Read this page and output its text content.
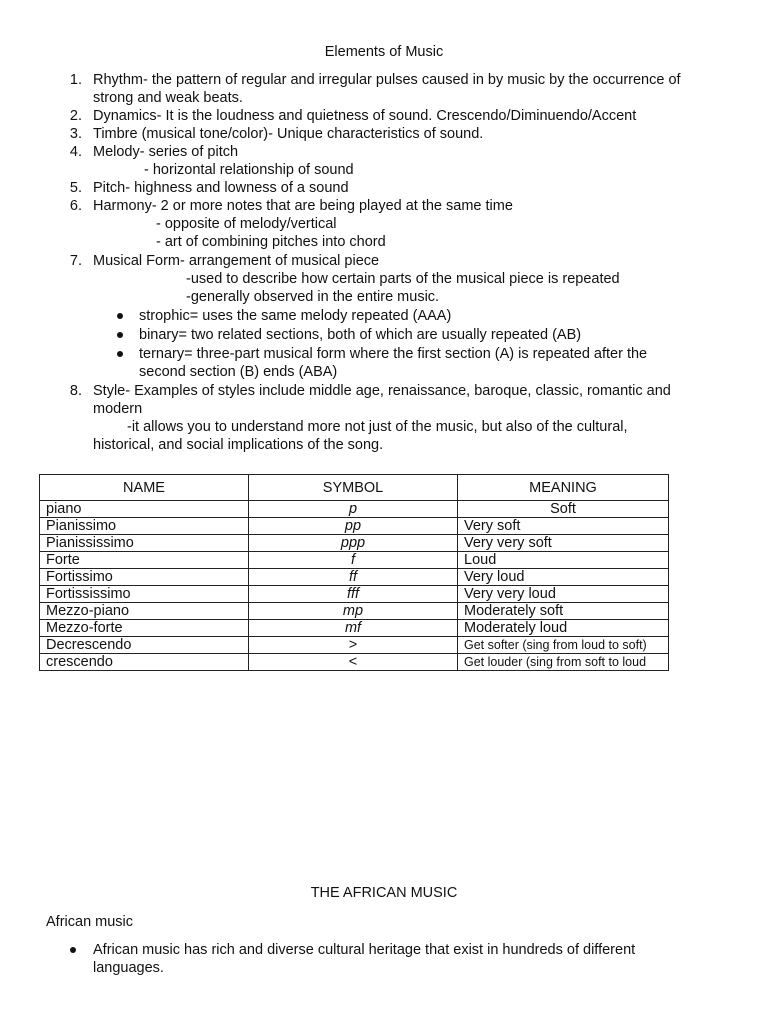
Elements of Music
1. Rhythm- the pattern of regular and irregular pulses caused in by music by the occurrence of
strong and weak beats.
2. Dynamics- It is the loudness and quietness of sound. Crescendo/Diminuendo/Accent
3. Timbre (musical tone/color)- Unique characteristics of sound.
4. Melody- series of pitch
- horizontal relationship of sound
5. Pitch- highness and lowness of a sound
6. Harmony- 2 or more notes that are being played at the same time
- opposite of melody/vertical
- art of combining pitches into chord
7. Musical Form- arrangement of musical piece
-used to describe how certain parts of the musical piece is repeated
-generally observed in the entire music.
strophic= uses the same melody repeated (AAA)
binary= two related sections, both of which are usually repeated (AB)
ternary= three-part musical form where the first section (A) is repeated after the
second section (B) ends (ABA)
8. Style- Examples of styles include middle age, renaissance, baroque, classic, romantic and
modern
-it allows you to understand more not just of the music, but also of the cultural,
historical, and social implications of the song.
NAME	SYMBOL	MEANING
piano	p	Soft
Pianissimo	pp	Very soft
Pianississimo	ppp	Very very soft
Forte	f	Loud
Fortissimo	ff	Very loud
Fortississimo	fff	Very very loud
Mezzo-piano	mp	Moderately soft
Mezzo-forte	mf	Moderately loud
Decrescendo	>	Get softer (sing from loud to soft)
crescendo	<	Get louder (sing from soft to loud
THE AFRICAN MUSIC
African music
African music has rich and diverse cultural heritage that exist in hundreds of different
languages.
